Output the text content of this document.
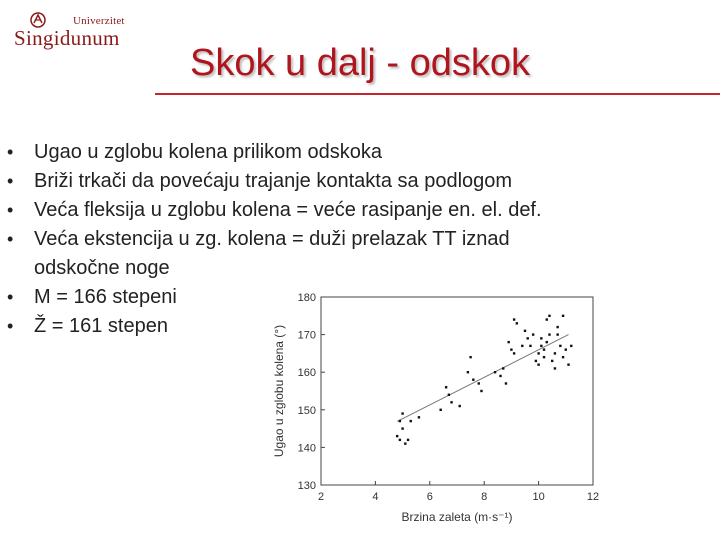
Univerzitet
Singidunum
Skok u dalj - odskok
• Ugao u zglobu kolena prilikom odskoka
• Briži trkači da povećaju trajanje kontakta sa podlogom
• Veća fleksija u zglobu kolena = veće rasipanje en. el. def.
• Veća ekstencija u zg. kolena = duži prelazak TT iznad
odskočne noge
• M = 166 stepeni
• Ž = 161 stepen
2	4	6	8	10	12
130
140
150
160
170
180
Brzina zaleta (m·s⁻¹)
Ugao u zglobu kolena (°)
